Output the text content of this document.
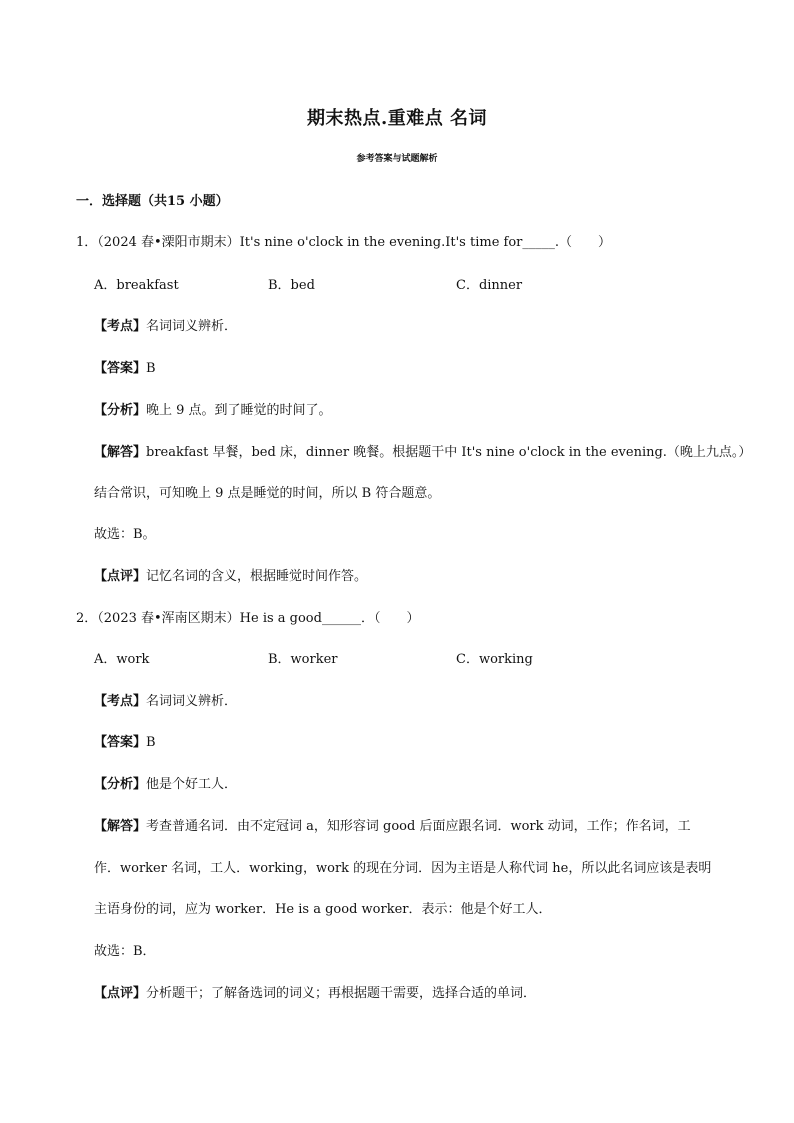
期末热点.重难点 名词
参考答案与试题解析
一．选择题（共15 小题）
1．（2024 春•溧阳市期末）It's nine o'clock in the evening.It's time for_____.（　　）
A．breakfast	B．bed	C．dinner
【考点】名词词义辨析．
【答案】B
【分析】晚上 9 点。到了睡觉的时间了。
【解答】breakfast 早餐，bed 床，dinner 晚餐。根据题干中 It's nine o'clock in the evening.（晚上九点。）
结合常识，可知晚上 9 点是睡觉的时间，所以 B 符合题意。
故选：B。
【点评】记忆名词的含义，根据睡觉时间作答。
2．（2023 春•浑南区期末）He is a good______．（　　）
A．work	B．worker	C．working
【考点】名词词义辨析．
【答案】B
【分析】他是个好工人．
【解答】考查普通名词．由不定冠词 a，知形容词 good 后面应跟名词．work 动词，工作；作名词，工
作．worker 名词，工人．working，work 的现在分词．因为主语是人称代词 he，所以此名词应该是表明
主语身份的词，应为 worker．He is a good worker．表示：他是个好工人．
故选：B．
【点评】分析题干；了解备选词的词义；再根据题干需要，选择合适的单词．
